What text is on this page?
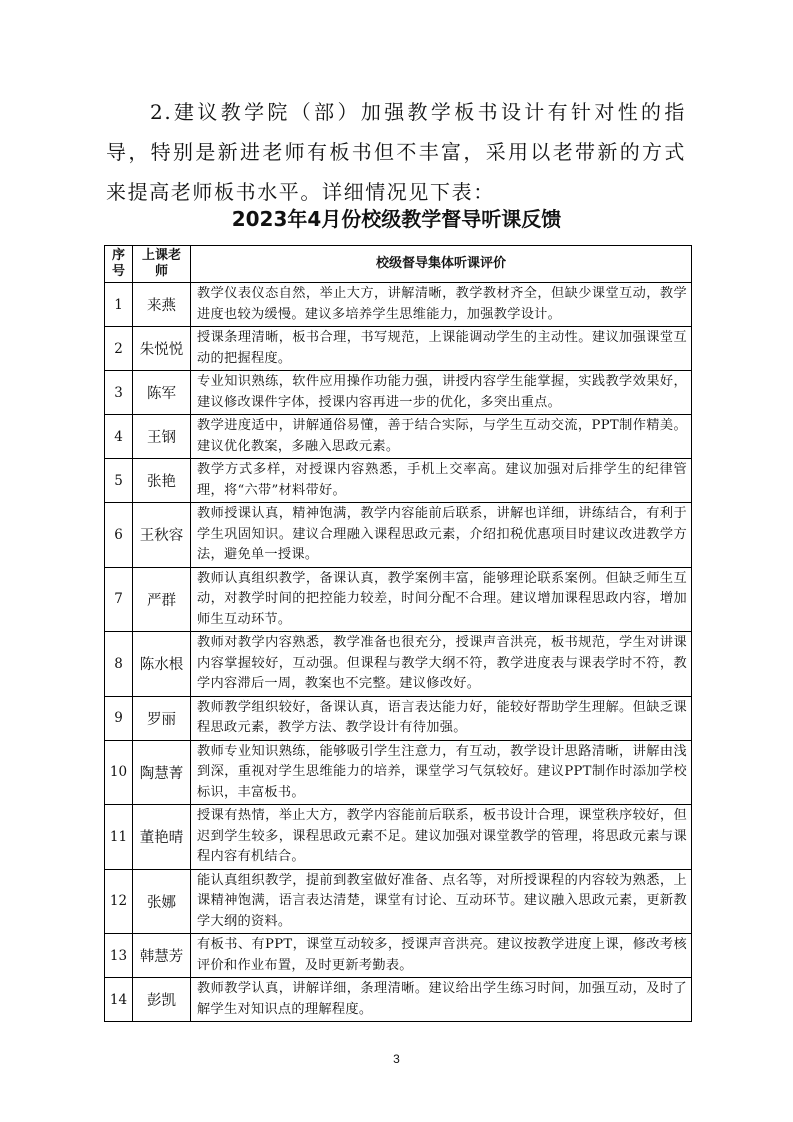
2.建议教学院（部）加强教学板书设计有针对性的指导，特别是新进老师有板书但不丰富，采用以老带新的方式来提高老师板书水平。详细情况见下表：

2023年4月份校级教学督导听课反馈
序号	上课老师	校级督导集体听课评价
1	来燕	教学仪表仪态自然，举止大方，讲解清晰，教学教材齐全，但缺少课堂互动，教学进度也较为缓慢。建议多培养学生思维能力，加强教学设计。
2	朱悦悦	授课条理清晰，板书合理，书写规范，上课能调动学生的主动性。建议加强课堂互动的把握程度。
3	陈军	专业知识熟练，软件应用操作功能力强，讲授内容学生能掌握，实践教学效果好，建议修改课件字体，授课内容再进一步的优化，多突出重点。
4	王钢	教学进度适中，讲解通俗易懂，善于结合实际，与学生互动交流，PPT制作精美。建议优化教案，多融入思政元素。
5	张艳	教学方式多样，对授课内容熟悉，手机上交率高。建议加强对后排学生的纪律管理，将“六带”材料带好。
6	王秋容	教师授课认真，精神饱满，教学内容能前后联系，讲解也详细，讲练结合，有利于学生巩固知识。建议合理融入课程思政元素，介绍扣税优惠项目时建议改进教学方法，避免单一授课。
7	严群	教师认真组织教学，备课认真，教学案例丰富，能够理论联系案例。但缺乏师生互动，对教学时间的把控能力较差，时间分配不合理。建议增加课程思政内容，增加师生互动环节。
8	陈水根	教师对教学内容熟悉，教学准备也很充分，授课声音洪亮，板书规范，学生对讲课内容掌握较好，互动强。但课程与教学大纲不符，教学进度表与课表学时不符，教学内容滞后一周，教案也不完整。建议修改好。
9	罗丽	教师教学组织较好，备课认真，语言表达能力好，能较好帮助学生理解。但缺乏课程思政元素，教学方法、教学设计有待加强。
10	陶慧菁	教师专业知识熟练，能够吸引学生注意力，有互动，教学设计思路清晰，讲解由浅到深，重视对学生思维能力的培养，课堂学习气氛较好。建议PPT制作时添加学校标识，丰富板书。
11	董艳晴	授课有热情，举止大方，教学内容能前后联系，板书设计合理，课堂秩序较好，但迟到学生较多，课程思政元素不足。建议加强对课堂教学的管理，将思政元素与课程内容有机结合。
12	张娜	能认真组织教学，提前到教室做好准备、点名等，对所授课程的内容较为熟悉，上课精神饱满，语言表达清楚，课堂有讨论、互动环节。建议融入思政元素，更新教学大纲的资料。
13	韩慧芳	有板书、有PPT，课堂互动较多，授课声音洪亮。建议按教学进度上课，修改考核评价和作业布置，及时更新考勤表。
14	彭凯	教师教学认真，讲解详细，条理清晰。建议给出学生练习时间，加强互动，及时了解学生对知识点的理解程度。
3
